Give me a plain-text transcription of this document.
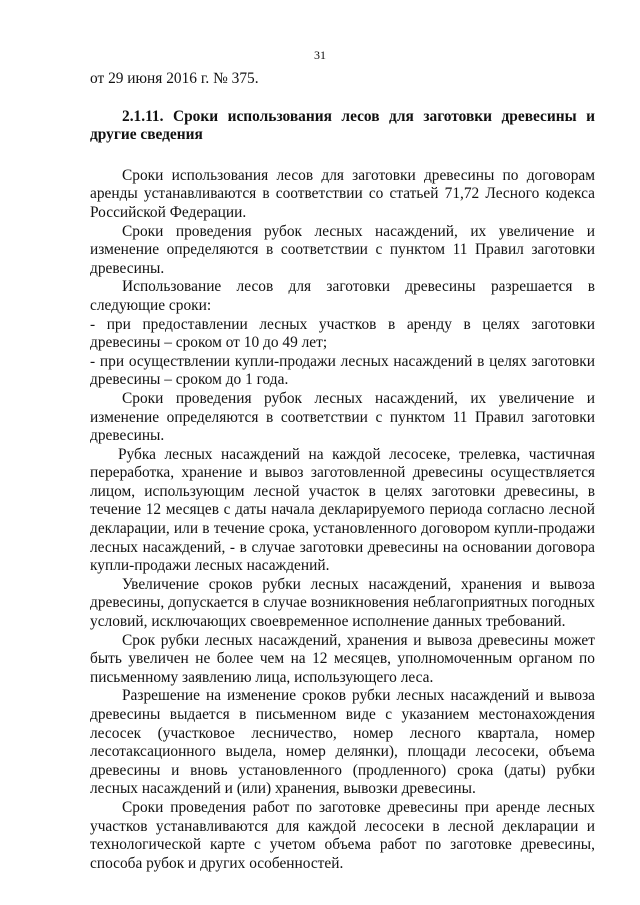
31

от 29 июня 2016 г. № 375.

2.1.11. Сроки использования лесов для заготовки древесины и другие сведения

Сроки использования лесов для заготовки древесины по договорам аренды устанавливаются в соответствии со статьей 71,72 Лесного кодекса Российской Федерации.

Сроки проведения рубок лесных насаждений, их увеличение и изменение определяются в соответствии с пунктом 11 Правил заготовки древесины.

Использование лесов для заготовки древесины разрешается в следующие сроки:

- при предоставлении лесных участков в аренду в целях заготовки древесины – сроком от 10 до 49 лет;

- при осуществлении купли-продажи лесных насаждений в целях заготовки древесины – сроком до 1 года.

Сроки проведения рубок лесных насаждений, их увеличение и изменение определяются в соответствии с пунктом 11 Правил заготовки древесины.

Рубка лесных насаждений на каждой лесосеке, трелевка, частичная переработка, хранение и вывоз заготовленной древесины осуществляется лицом, использующим лесной участок в целях заготовки древесины, в течение 12 месяцев с даты начала декларируемого периода согласно лесной декларации, или в течение срока, установленного договором купли-продажи лесных насаждений, - в случае заготовки древесины на основании договора купли-продажи лесных насаждений.

Увеличение сроков рубки лесных насаждений, хранения и вывоза древесины, допускается в случае возникновения неблагоприятных погодных условий, исключающих своевременное исполнение данных требований.

Срок рубки лесных насаждений, хранения и вывоза древесины может быть увеличен не более чем на 12 месяцев, уполномоченным органом по письменному заявлению лица, использующего леса.

Разрешение на изменение сроков рубки лесных насаждений и вывоза древесины выдается в письменном виде с указанием местонахождения лесосек (участковое лесничество, номер лесного квартала, номер лесотаксационного выдела, номер делянки), площади лесосеки, объема древесины и вновь установленного (продленного) срока (даты) рубки лесных насаждений и (или) хранения, вывозки древесины.

Сроки проведения работ по заготовке древесины при аренде лесных участков устанавливаются для каждой лесосеки в лесной декларации и технологической карте с учетом объема работ по заготовке древесины, способа рубок и других особенностей.
